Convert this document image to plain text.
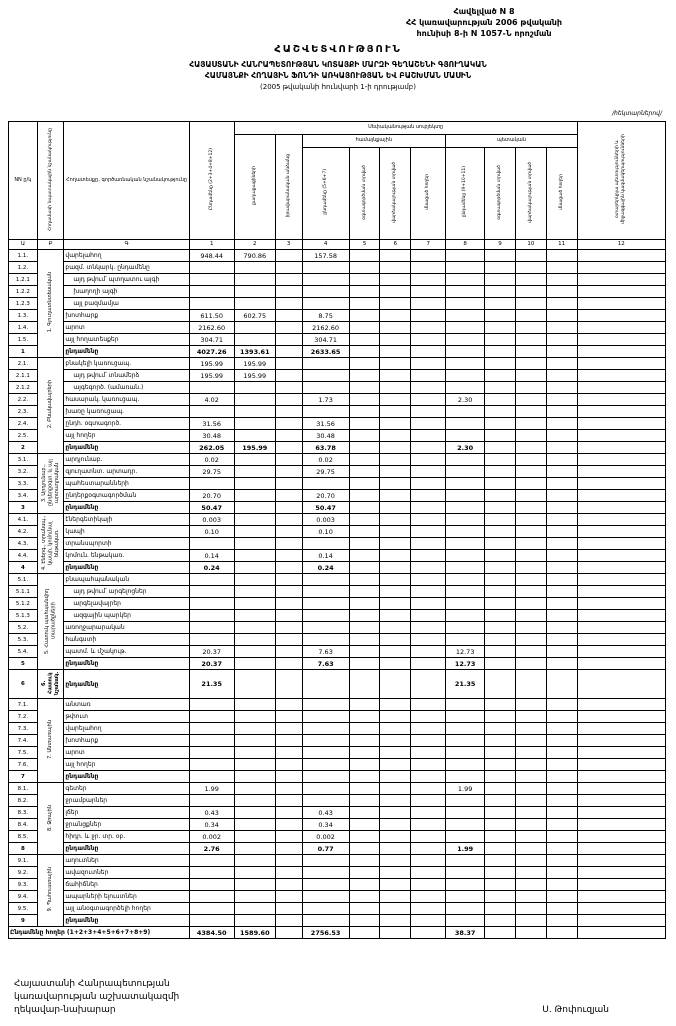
Հավելված N 8
ՀՀ կառավարության 2006 թվականի
հունիսի 8-ի N 1057-Ն որոշման
ՀԱՇՎԵՏՎՈՒԹՅՈՒՆ
ՀԱՅԱՍՏԱՆԻ ՀԱՆՐԱՊԵՏՈՒԹՅԱՆ ԿՈՏԱՅՔԻ ՄԱՐԶԻ ԳԵՂԱՇԵՆԻ ԳՅՈՒՂԱԿԱՆ
ՀԱՄԱՅՆՔԻ ՀՈՂԱՅԻՆ ՖՈՆԴԻ ԱՌԿԱՅՈՒԹՅԱՆ ԵՎ ԲԱՇԽՄԱՆ ՄԱՍԻՆ
(2005 թվականի հունվարի 1-ի դրությամբ)
/հեկտարներով/
NN ը/կ	Հողամասի նպատակային նշանակությունը	Հողատեսքը, գործառնական նշանակությունը	Ընդամենը (2+3+4+8+12)	Սեփականության սուբյեկտը										օտարերկրյա պետությունների և միջազգային կազմակերպությունների
				քաղաքացիների	իրավաբանական անձանց	համայնքային				պետական				
						ընդամենը (5+6+7)	օգտագործման տրված	վարձակալության տրված	մնացած հողեր	ընդամենը (9+10+11)	օգտագործման տրված	վարձակալության տրված	մնացած հողեր	
Ա	Բ	Գ	1	2	3	4	5	6	7	8	9	10	11	12
1.1.	1. Գյուղատնտեսական	վարելահող	948.44	790.86		157.58								
1.2.		բազմ. տնկարկ. ընդամենը												
1.2.1		այդ թվում՝ պտղատու այգի												
1.2.2		խաղողի այգի												
1.2.3		այլ բազմամյա												
1.3.		խոտհարք	611.50	602.75		8.75								
1.4.		արոտ	2162.60			2162.60								
1.5.		այլ հողատեսքեր	304.71			304.71								
1		ընդամենը	4027.26	1393.61		2633.65								
2.1.	2. Բնակավայրերի	բնակելի կառուցապ.	195.99	195.99										
2.1.1		այդ թվում՝ տնամերձ	195.99	195.99										
2.1.2		այգեգործ. (ամառան.)												
2.2.		հասարակ. կառուցապ.	4.02			1.73				2.30				
2.3.		խառը կառուցապ.												
2.4.		ընդհ. օգտագործ.	31.56			31.56								
2.5.		այլ հողեր	30.48			30.48								
2		ընդամենը	262.05	195.99		63.78				2.30				
3.1.	3. Արդյունաբ., ընդերքօգտ. և այլ արտադրական	արդյունաբ.	0.02			0.02								
3.2.		գյուղատնտ. արտադր.	29.75			29.75								
3.3.		պահեստարանների												
3.4.		ընդերքօգտագործման	20.70			20.70								
3		ընդամենը	50.47			50.47								
4.1.	4. Էներգ., տրանսպ., կապի, կոմունալ ենթակառ.	էներգետիկայի	0.003			0.003								
4.2.		կապի	0.10			0.10								
4.3.		տրանսպորտի												
4.4.		կոմուն. ենթակառ.	0.14			0.14								
4		ընդամենը	0.24			0.24								
5.1.	5. Հատուկ պահպանվող տարածքների	բնապահպանական												
5.1.1		այդ թվում՝ արգելոցներ												
5.1.2		արգելավայրեր												
5.1.3		ազգային պարկեր												
5.2.		առողջարարական												
5.3.		հանգստի												
5.4.		պատմ. և մշակութ.	20.37			7.63				12.73				
5		ընդամենը	20.37			7.63				12.73				
6	6. Հատուկ նշանակ.	ընդամենը	21.35							21.35				
7.1.	7. Անտառային	անտառ												
7.2.		թփուտ												
7.3.		վարելահող												
7.4.		խոտհարք												
7.5.		արոտ												
7.6.		այլ հողեր												
7		ընդամենը												
8.1.	8. Ջրային	գետեր	1.99							1.99				
8.2.		ջրամբարներ												
8.3.		լճեր	0.43			0.43								
8.4.		ջրանցքներ	0.34			0.34								
8.5.		հիդր. և ջր. տր. օբ.	0.002			0.002								
8		ընդամենը	2.76			0.77				1.99				
9.1.	9. Պահուստային	աղուտներ												
9.2.		ավազուտներ												
9.3.		ճահիճներ												
9.4.		ապարների ելուստներ												
9.5.		այլ անօգտագործելի հողեր												
9		ընդամենը												
Ընդամենը հողեր (1+2+3+4+5+6+7+8+9)			4384.50	1589.60		2756.53				38.37				
Հայաստանի Հանրապետության
կառավարության աշխատակազմի
ղեկավար-նախարար	Ս. Թոփուզյան
